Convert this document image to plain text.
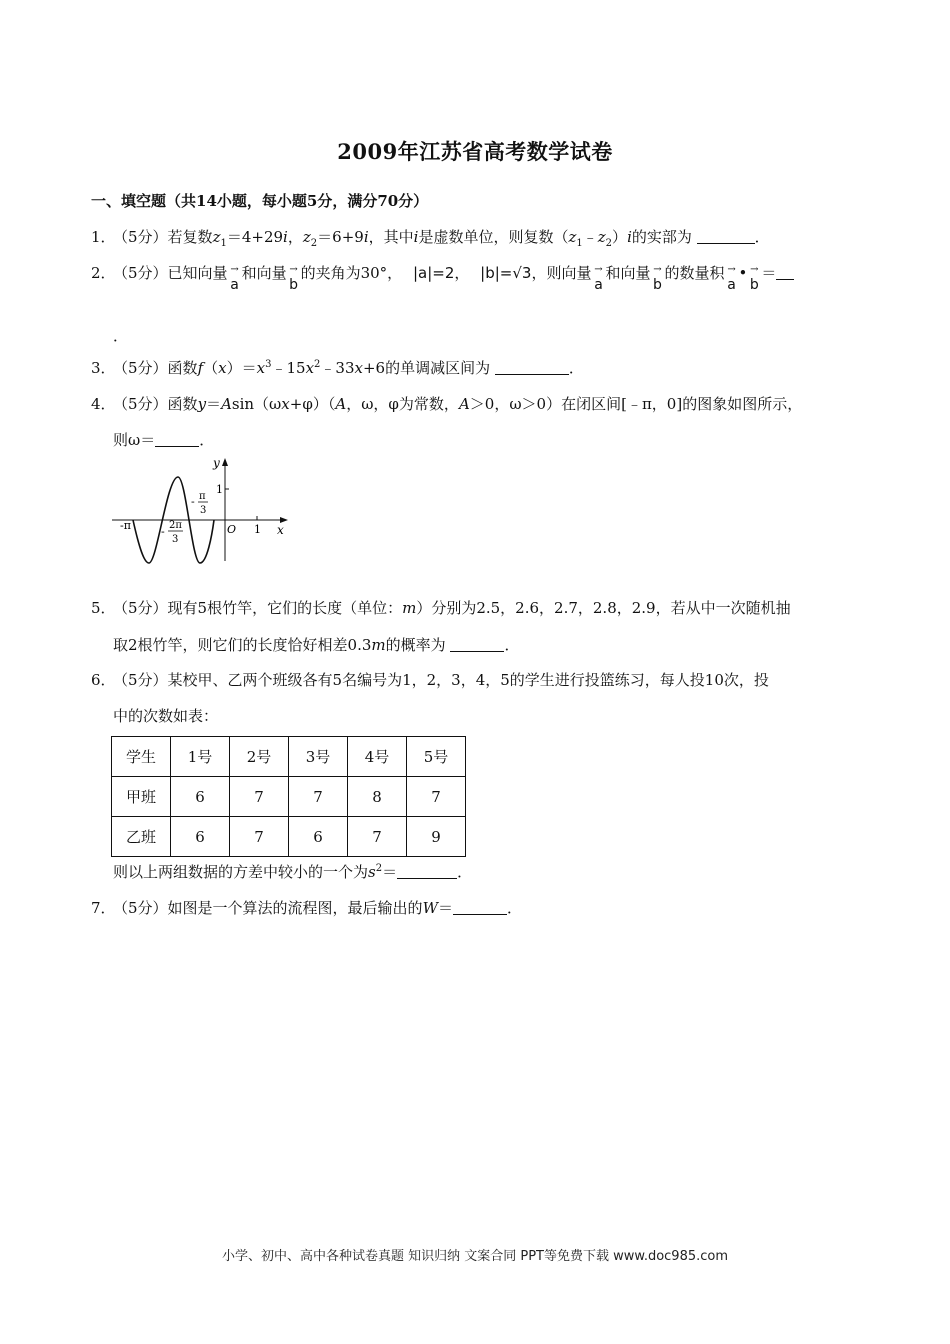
2009年江苏省高考数学试卷
一、填空题（共14小题，每小题5分，满分70分）
1．（5分）若复数$z_1=4+29i$，$z_2=6+9i$，其中i是虚数单位，则复数$(z_1﹣z_2)i$的实部为	．
2．（5分）已知向量 →
a
和向量 →
b
的夹角为30°， |a|=2， |b|=√3，则向量 →
a
和向量 →
b
的数量积 →
a
• →
b
＝
．
3．（5分）函数$f(x)=x^3﹣15x^2﹣33x+6$的单调减区间为	．
4．（5分）函数y＝Asin（ωx+φ）（A，ω，φ为常数，A＞0，ω＞0）在闭区间[﹣π，0]的图象如图所示，
则ω＝	．
y
x
1
1
O
-π	- 2π
3
- π
3
5．（5分）现有5根竹竿，它们的长度（单位：m）分别为2.5，2.6，2.7，2.8，2.9，若从中一次随机抽
取2根竹竿，则它们的长度恰好相差0.3m的概率为	．
6．（5分）某校甲、乙两个班级各有5名编号为1，2，3，4，5的学生进行投篮练习，每人投10次，投
中的次数如表：
学生	1号	2号	3号	4号	5号
甲班	6	7	7	8	7
乙班	6	7	6	7	9
则以上两组数据的方差中较小的一个为$s^2=$	．
7．（5分）如图是一个算法的流程图，最后输出的W＝	．
小学、初中、高中各种试卷真题 知识归纳 文案合同 PPT等免费下载 www.doc985.com
